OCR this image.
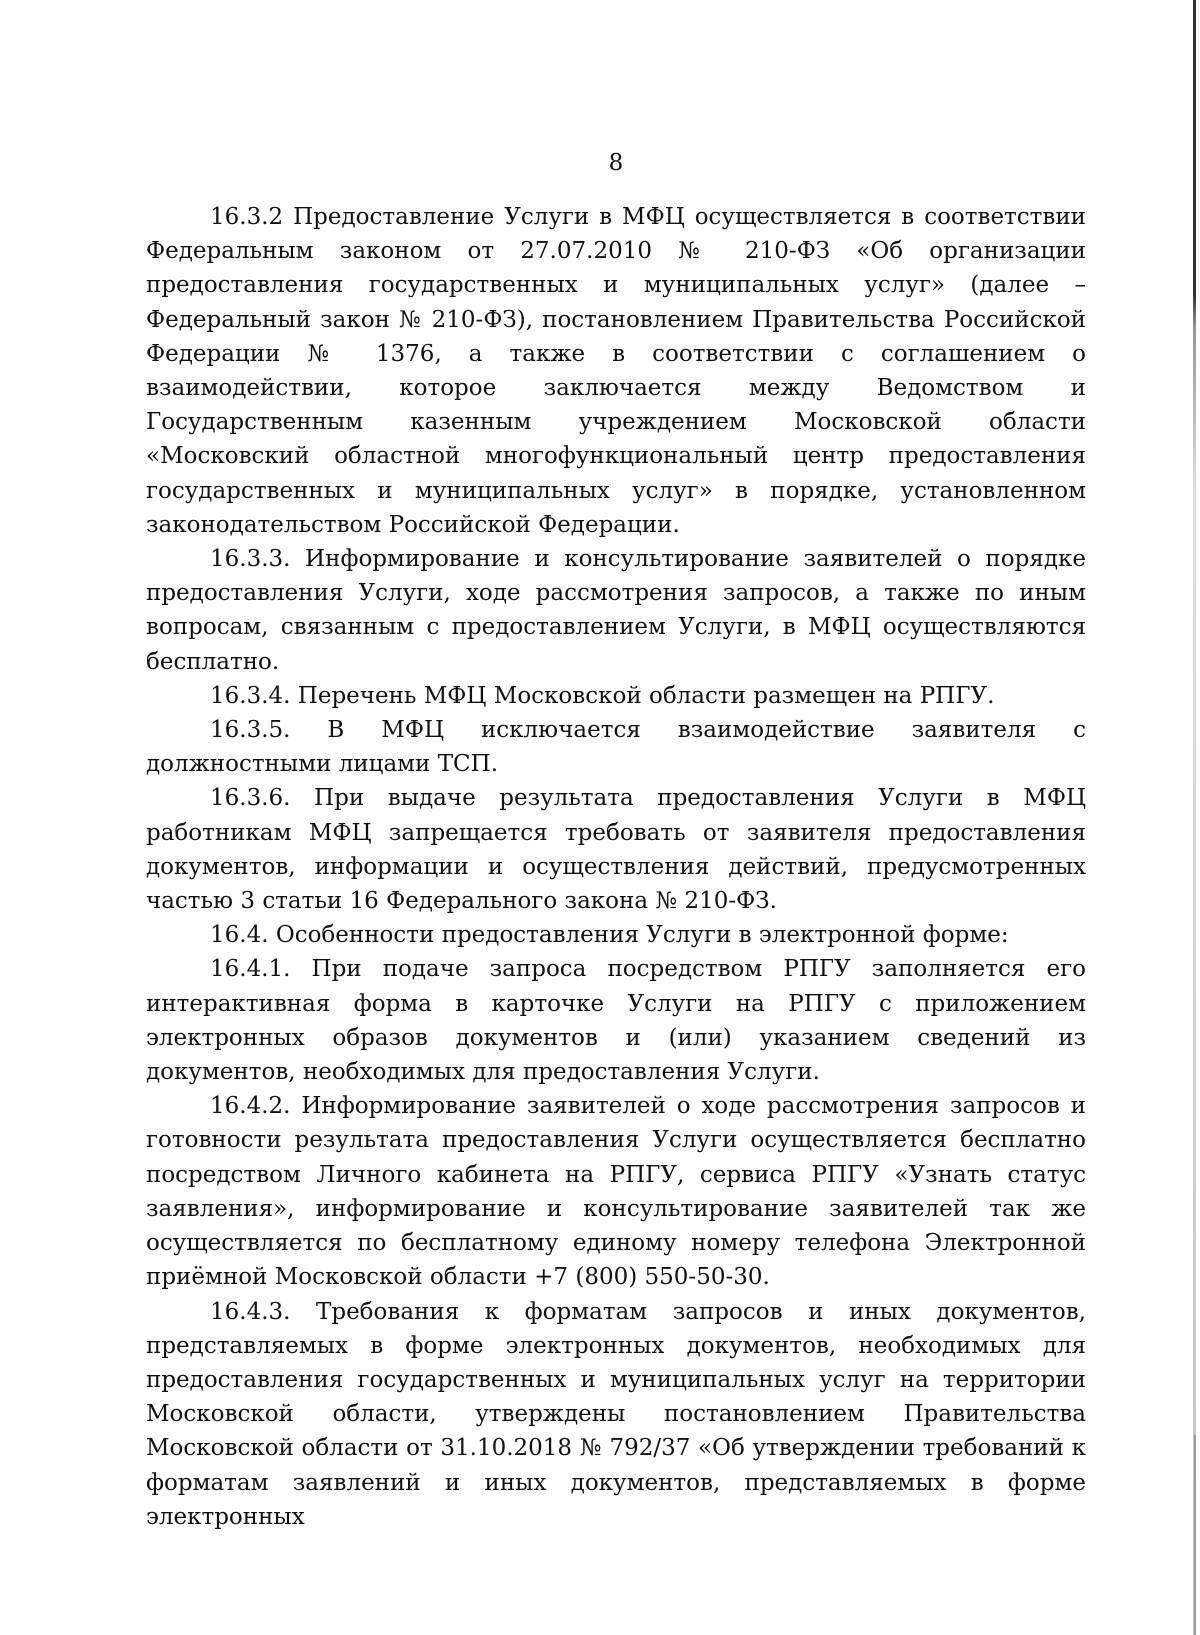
8

16.3.2 Предоставление Услуги в МФЦ осуществляется в соответствии Федеральным законом от 27.07.2010 № 210-ФЗ «Об организации предоставления государственных и муниципальных услуг» (далее – Федеральный закон № 210-ФЗ), постановлением Правительства Российской Федерации № 1376, а также в соответствии с соглашением о взаимодействии, которое заключается между Ведомством и Государственным казенным учреждением Московской области «Московский областной многофункциональный центр предоставления государственных и муниципальных услуг» в порядке, установленном законодательством Российской Федерации.

16.3.3. Информирование и консультирование заявителей о порядке предоставления Услуги, ходе рассмотрения запросов, а также по иным вопросам, связанным с предоставлением Услуги, в МФЦ осуществляются бесплатно.

16.3.4. Перечень МФЦ Московской области размещен на РПГУ.

16.3.5. В МФЦ исключается взаимодействие заявителя с должностными лицами ТСП.

16.3.6. При выдаче результата предоставления Услуги в МФЦ работникам МФЦ запрещается требовать от заявителя предоставления документов, информации и осуществления действий, предусмотренных частью 3 статьи 16 Федерального закона № 210-ФЗ.

16.4. Особенности предоставления Услуги в электронной форме:

16.4.1. При подаче запроса посредством РПГУ заполняется его интерактивная форма в карточке Услуги на РПГУ с приложением электронных образов документов и (или) указанием сведений из документов, необходимых для предоставления Услуги.

16.4.2. Информирование заявителей о ходе рассмотрения запросов и готовности результата предоставления Услуги осуществляется бесплатно посредством Личного кабинета на РПГУ, сервиса РПГУ «Узнать статус заявления», информирование и консультирование заявителей так же осуществляется по бесплатному единому номеру телефона Электронной приёмной Московской области +7 (800) 550-50-30.

16.4.3. Требования к форматам запросов и иных документов, представляемых в форме электронных документов, необходимых для предоставления государственных и муниципальных услуг на территории Московской области, утверждены постановлением Правительства Московской области от 31.10.2018 № 792/37 «Об утверждении требований к форматам заявлений и иных документов, представляемых в форме электронных
